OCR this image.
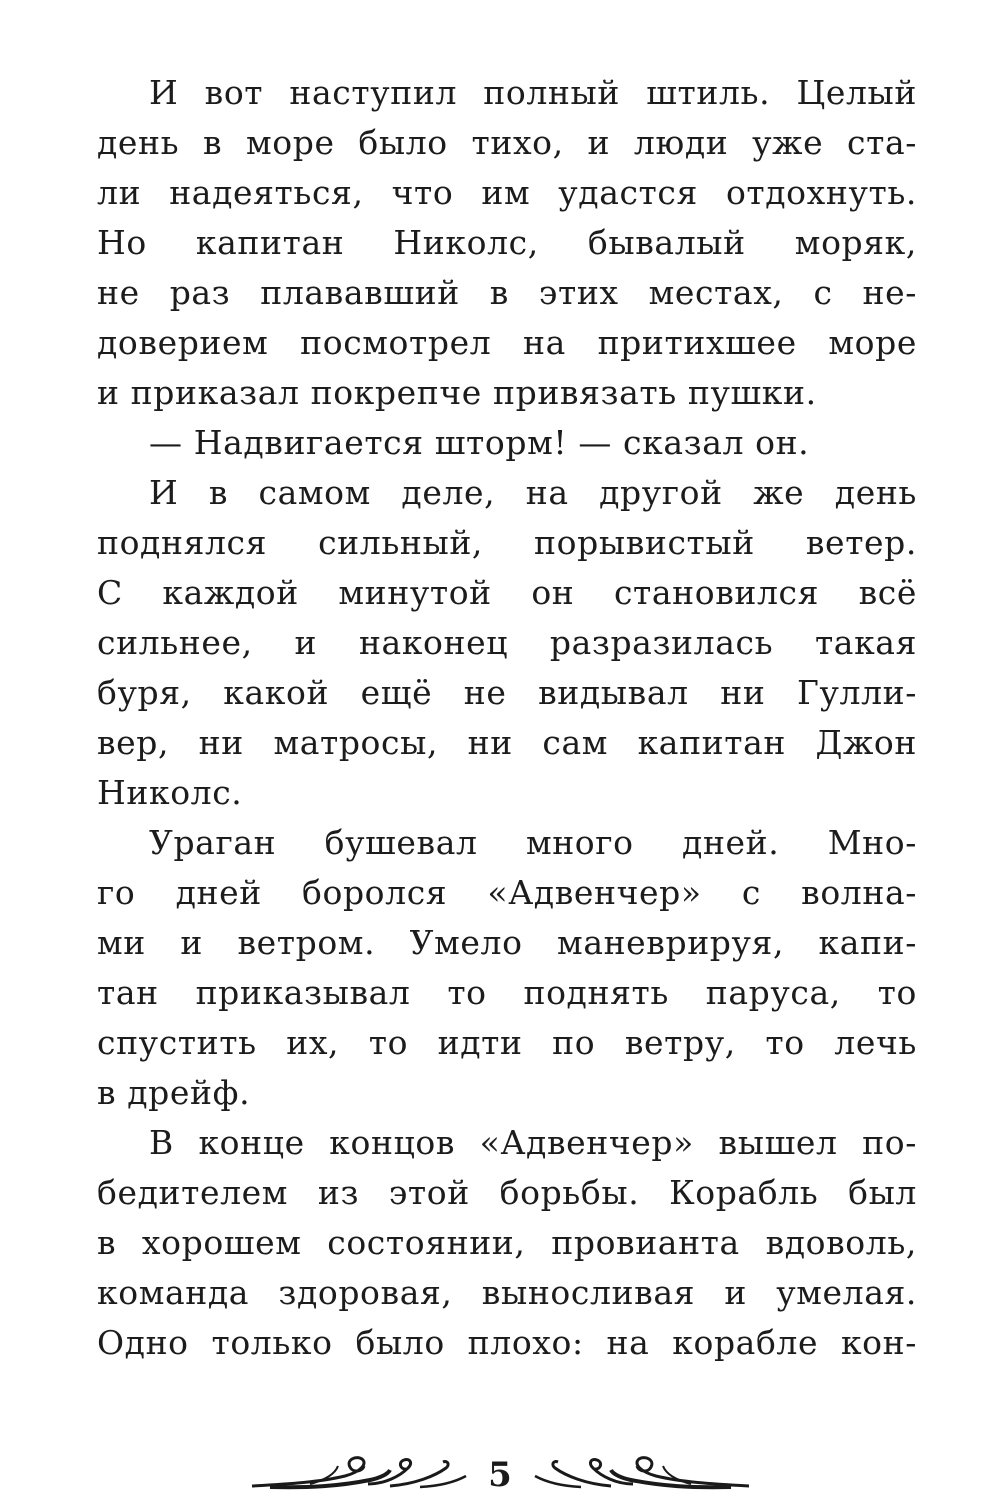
И вот наступил полный штиль. Целый
день в море было тихо, и люди уже ста-
ли надеяться, что им удастся отдохнуть.
Но капитан Николс, бывалый моряк,
не раз плававший в этих местах, с не-
доверием посмотрел на притихшее море
и приказал покрепче привязать пушки.
— Надвигается шторм! — сказал он.
И в самом деле, на другой же день
поднялся сильный, порывистый ветер.
С каждой минутой он становился всё
сильнее, и наконец разразилась такая
буря, какой ещё не видывал ни Гулли-
вер, ни матросы, ни сам капитан Джон
Николс.
Ураган бушевал много дней. Мно-
го дней боролся «Адвенчер» с волна-
ми и ветром. Умело маневрируя, капи-
тан приказывал то поднять паруса, то
спустить их, то идти по ветру, то лечь
в дрейф.
В конце концов «Адвенчер» вышел по-
бедителем из этой борьбы. Корабль был
в хорошем состоянии, провианта вдоволь,
команда здоровая, выносливая и умелая.
Одно только было плохо: на корабле кон-
5
